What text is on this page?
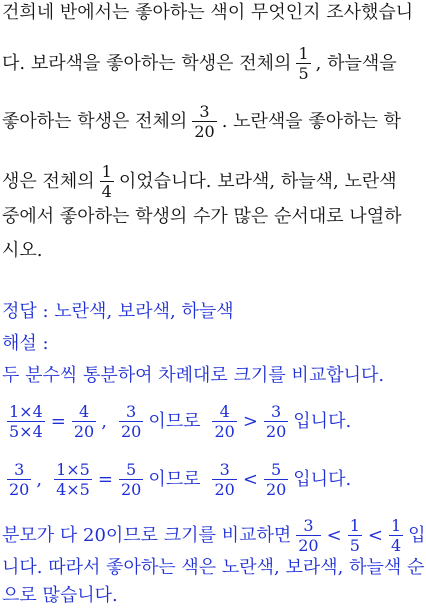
건희네 반에서는 좋아하는 색이 무엇인지 조사했습니
다. 보라색을 좋아하는 학생은 전체의 $\frac{1}{5}$ , 하늘색을
좋아하는 학생은 전체의 $\frac{3}{20}$ . 노란색을 좋아하는 학
생은 전체의 $\frac{1}{4}$ 이었습니다. 보라색, 하늘색, 노란색
중에서 좋아하는 학생의 수가 많은 순서대로 나열하
시오.
정답 : 노란색, 보라색, 하늘색
해설 :
두 분수씩 통분하여 차례대로 크기를 비교합니다.
$\frac{1\times 4}{5\times 4} = \frac{4}{20}$ , $\frac{3}{20}$ 이므로 $\frac{4}{20} > \frac{3}{20}$ 입니다.
$\frac{3}{20}$ , $\frac{1\times 5}{4\times 5} = \frac{5}{20}$ 이므로 $\frac{3}{20} < \frac{5}{20}$ 입니다.
분모가 다 20이므로 크기를 비교하면 $\frac{3}{20} < \frac{1}{5} < \frac{1}{4}$ 입
니다. 따라서 좋아하는 색은 노란색, 보라색, 하늘색 순
으로 많습니다.
